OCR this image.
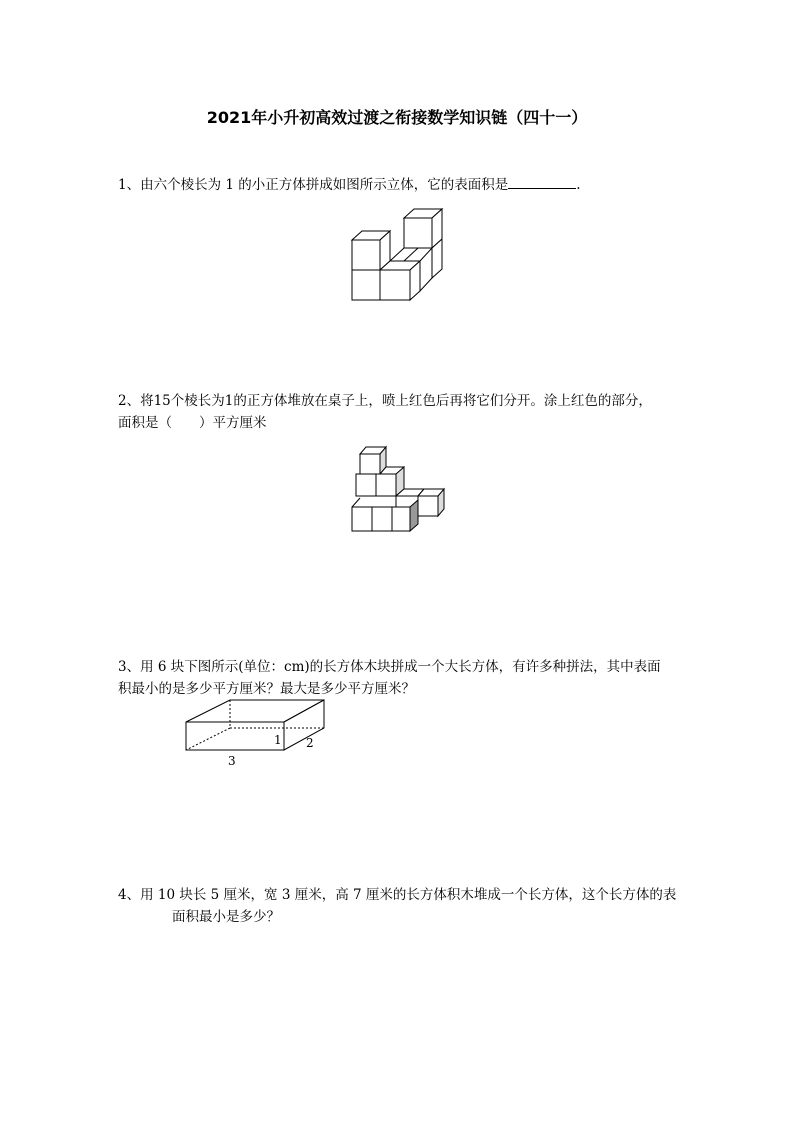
2021年小升初高效过渡之衔接数学知识链（四十一）
1、由六个棱长为 1 的小正方体拼成如图所示立体，它的表面积是	.
2、将15个棱长为1的正方体堆放在桌子上，喷上红色后再将它们分开。涂上红色的部分，
面积是（　　）平方厘米
3、用 6 块下图所示(单位：cm)的长方体木块拼成一个大长方体，有许多种拼法，其中表面
积最小的是多少平方厘米？最大是多少平方厘米？
3
2
1
4、用 10 块长 5 厘米，宽 3 厘米，高 7 厘米的长方体积木堆成一个长方体，这个长方体的表
面积最小是多少？
